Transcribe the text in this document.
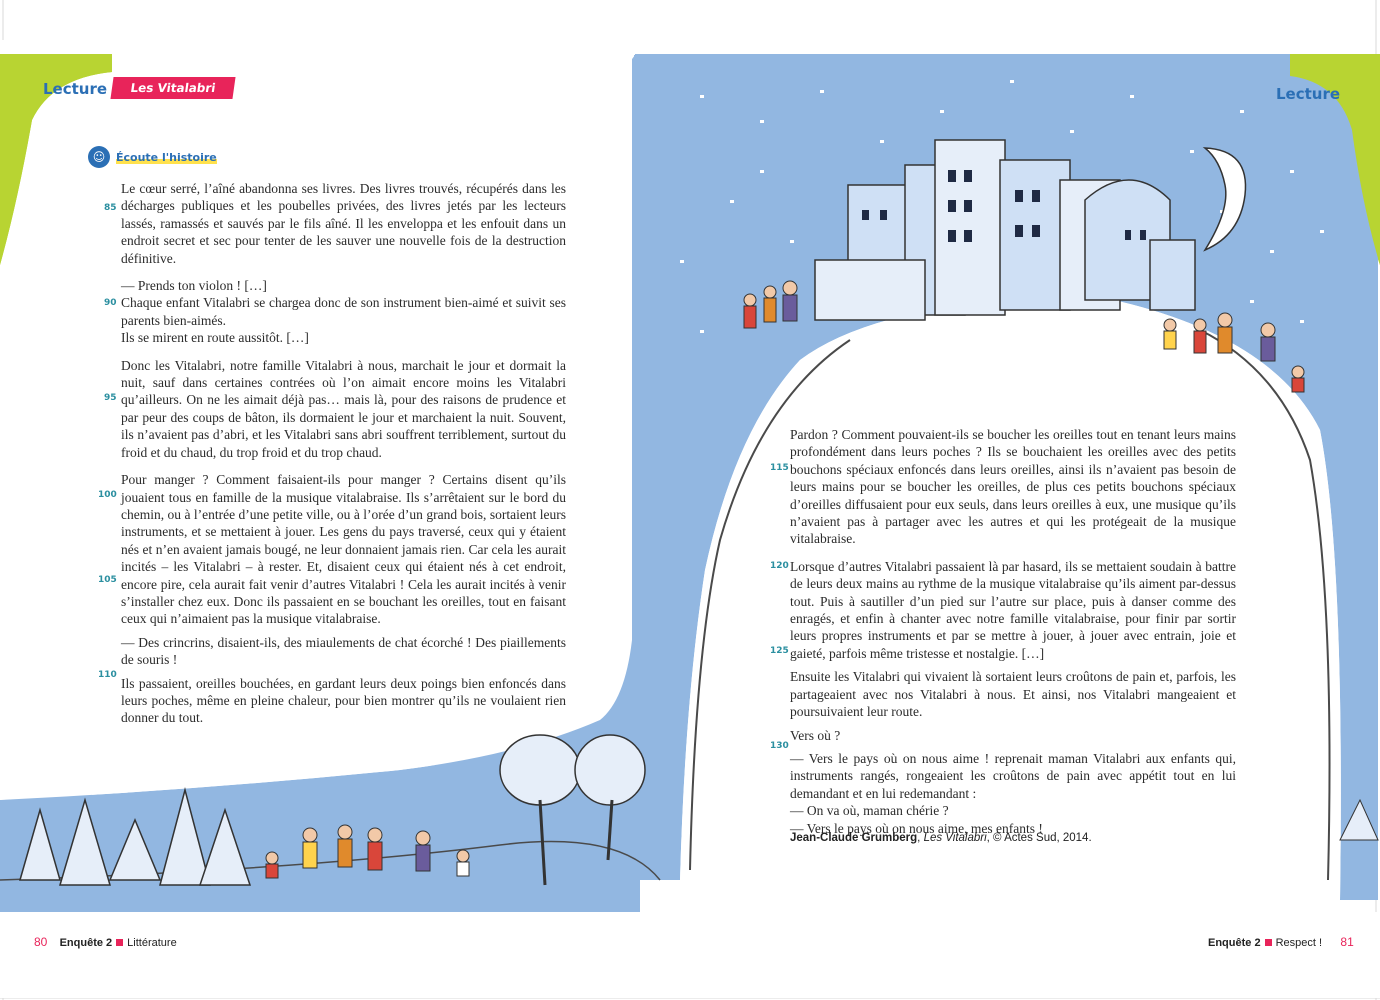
Lecture	Les Vitalabri	Lecture
☺ Écoute l'histoire
85
90
95
100
105
110

Le cœur serré, l’aîné abandonna ses livres. Des livres trouvés, récupérés dans les décharges publiques et les poubelles privées, des livres jetés par les lecteurs lassés, ramassés et sauvés par le fils aîné. Il les enveloppa et les enfouit dans un endroit secret et sec pour tenter de les sauver une nouvelle fois de la destruction définitive.

— Prends ton violon ! […]

Chaque enfant Vitalabri se chargea donc de son instrument bien-aimé et suivit ses parents bien-aimés.

Ils se mirent en route aussitôt. […]

Donc les Vitalabri, notre famille Vitalabri à nous, marchait le jour et dormait la nuit, sauf dans certaines contrées où l’on aimait encore moins les Vitalabri qu’ailleurs. On ne les aimait déjà pas… mais là, pour des raisons de prudence et par peur des coups de bâton, ils dormaient le jour et marchaient la nuit. Souvent, ils n’avaient pas d’abri, et les Vitalabri sans abri souffrent terriblement, surtout du froid et du chaud, du trop froid et du trop chaud.

Pour manger ? Comment faisaient-ils pour manger ? Certains disent qu’ils jouaient tous en famille de la musique vitalabraise. Ils s’arrêtaient sur le bord du chemin, ou à l’entrée d’une petite ville, ou à l’orée d’un grand bois, sortaient leurs instruments, et se mettaient à jouer. Les gens du pays traversé, ceux qui y étaient nés et n’en avaient jamais bougé, ne leur donnaient jamais rien. Car cela les aurait incités – les Vitalabri – à rester. Et, disaient ceux qui étaient nés à cet endroit, encore pire, cela aurait fait venir d’autres Vitalabri ! Cela les aurait incités à venir s’installer chez eux. Donc ils passaient en se bouchant les oreilles, tout en faisant ceux qui n’aimaient pas la musique vitalabraise.

— Des crincrins, disaient-ils, des miaulements de chat écorché ! Des piaillements de souris !

Ils passaient, oreilles bouchées, en gardant leurs deux poings bien enfoncés dans leurs poches, même en pleine chaleur, pour bien montrer qu’ils ne voulaient rien donner du tout.

115
120
125
130

Pardon ? Comment pouvaient-ils se boucher les oreilles tout en tenant leurs mains profondément dans leurs poches ? Ils se bouchaient les oreilles avec des petits bouchons spéciaux enfoncés dans leurs oreilles, ainsi ils n’avaient pas besoin de leurs mains pour se boucher les oreilles, de plus ces petits bouchons spéciaux d’oreilles diffusaient pour eux seuls, dans leurs oreilles à eux, une musique qu’ils n’avaient pas à partager avec les autres et qui les protégeait de la musique vitalabraise.

Lorsque d’autres Vitalabri passaient là par hasard, ils se mettaient soudain à battre de leurs deux mains au rythme de la musique vitalabraise qu’ils aiment par-dessus tout. Puis à sautiller d’un pied sur l’autre sur place, puis à danser comme des enragés, et enfin à chanter avec notre famille vitalabraise, pour finir par sortir leurs propres instruments et par se mettre à jouer, à jouer avec entrain, joie et gaieté, parfois même tristesse et nostalgie. […]

Ensuite les Vitalabri qui vivaient là sortaient leurs croûtons de pain et, parfois, les partageaient avec nos Vitalabri à nous. Et ainsi, nos Vitalabri mangeaient et poursuivaient leur route.

Vers où ?

— Vers le pays où on nous aime ! reprenait maman Vitalabri aux enfants qui, instruments rangés, rongeaient les croûtons de pain avec appétit tout en lui demandant et en lui redemandant :

— On va où, maman chérie ?

— Vers le pays où on nous aime, mes enfants !

Jean-Claude Grumberg, Les Vitalabri, © Actes Sud, 2014.
80 Enquête 2 Littérature	Enquête 2 Respect ! 81
